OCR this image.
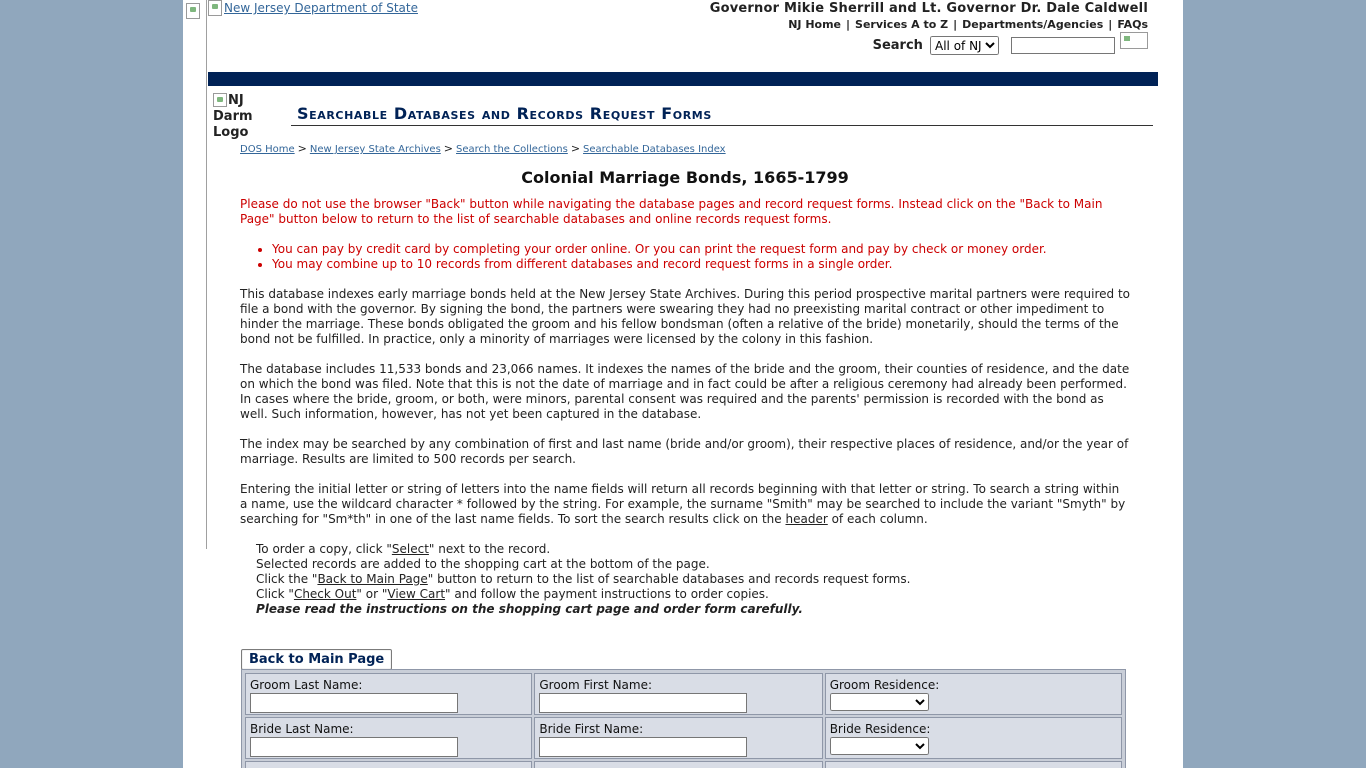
New Jersey Department of State	Governor Mikie Sherrill and Lt. Governor Dr. Dale Caldwell
NJ Home | Services A to Z | Departments/Agencies | FAQs
Search
All of NJ
NJ Darm Logo
Searchable Databases and Records Request Forms
DOS Home > New Jersey State Archives > Search the Collections > Searchable Databases Index
Colonial Marriage Bonds, 1665-1799

Please do not use the browser "Back" button while navigating the database pages and record request forms. Instead click on the "Back to Main Page" button below to return to the list of searchable databases and online records request forms.

• You can pay by credit card by completing your order online. Or you can print the request form and pay by check or money order.
• You may combine up to 10 records from different databases and record request forms in a single order.

This database indexes early marriage bonds held at the New Jersey State Archives. During this period prospective marital partners were required to file a bond with the governor. By signing the bond, the partners were swearing they had no preexisting marital contract or other impediment to hinder the marriage. These bonds obligated the groom and his fellow bondsman (often a relative of the bride) monetarily, should the terms of the bond not be fulfilled. In practice, only a minority of marriages were licensed by the colony in this fashion.

The database includes 11,533 bonds and 23,066 names. It indexes the names of the bride and the groom, their counties of residence, and the date on which the bond was filed. Note that this is not the date of marriage and in fact could be after a religious ceremony had already been performed. In cases where the bride, groom, or both, were minors, parental consent was required and the parents' permission is recorded with the bond as well. Such information, however, has not yet been captured in the database.

The index may be searched by any combination of first and last name (bride and/or groom), their respective places of residence, and/or the year of marriage. Results are limited to 500 records per search.

Entering the initial letter or string of letters into the name fields will return all records beginning with that letter or string. To search a string within a name, use the wildcard character * followed by the string. For example, the surname "Smith" may be searched to include the variant "Smyth" by searching for "Sm*th" in one of the last name fields. To sort the search results click on the header of each column.

To order a copy, click "Select" next to the record.
Selected records are added to the shopping cart at the bottom of the page.
Click the "Back to Main Page" button to return to the list of searchable databases and records request forms.
Click "Check Out" or "View Cart" and follow the payment instructions to order copies.
Please read the instructions on the shopping cart page and order form carefully.
Back to Main Page
Groom Last Name:	Groom First Name:	Groom Residence:
Bride Last Name:	Bride First Name:	Bride Residence:
